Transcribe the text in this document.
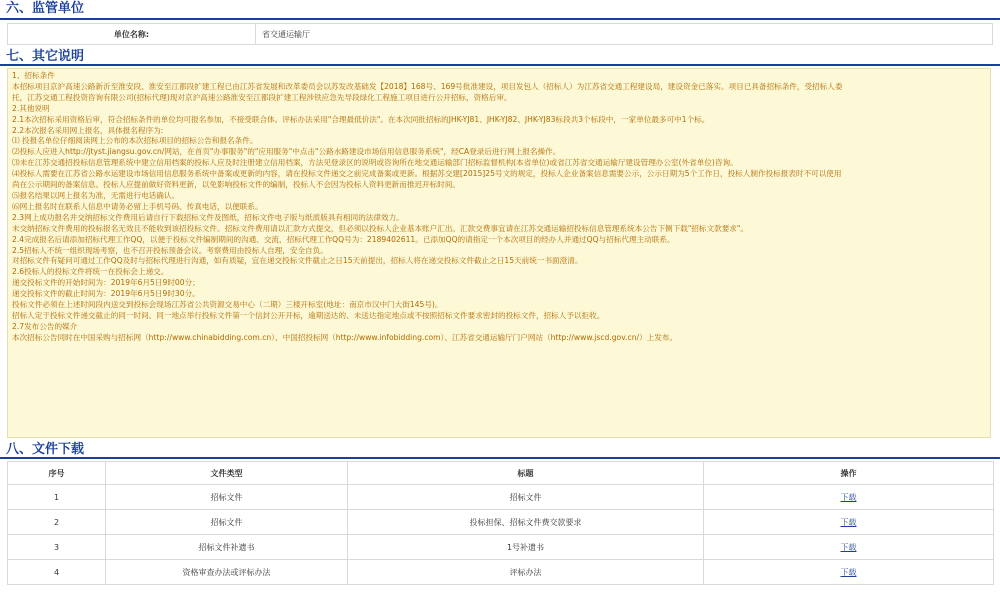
六、监管单位
单位名称:	省交通运输厅
七、其它说明

1、招标条件

本招标项目京沪高速公路新沂至淮安段、淮安至江都段扩建工程已由江苏省发展和改革委员会以苏发改基础发【2018】168号、169号批准建设，项目发包人（招标人）为江苏省交通工程建设局，建设资金已落实。项目已具备招标条件，受招标人委

托，江苏交通工程投资咨询有限公司(招标代理)现对京沪高速公路淮安至江都段扩建工程涉铁应急先导段绿化工程施工项目进行公开招标，资格后审。

2.其他说明

2.1本次招标采用资格后审，符合招标条件的单位均可报名参加，不接受联合体。评标办法采用"合理最低价法"。在本次同批招标的JHK-YJ81、JHK-YJ82、JHK-YJ83标段共3个标段中，一家单位最多可中1个标。

2.2本次报名采用网上报名，具体报名程序为:

⑴ 投报名单位仔细阅读网上公布的本次招标项目的招标公告和报名条件。

⑵投标人应进入http://jtyst.jiangsu.gov.cn/网站，在首页"办事服务"的"应用服务"中点击"公路水路建设市场信用信息服务系统"，经CA登录后进行网上报名操作。

⑶未在江苏交通招投标信息管理系统中建立信用档案的投标人应及时注册建立信用档案，方法见登录区的说明或咨询所在地交通运输部门招标监督机构(本省单位)或省江苏省交通运输厅建设管理办公室(外省单位)咨询。

⑷投标人需要在江苏省公路水运建设市场信用信息服务系统中备案或更新的内容，请在投标文件递交之前完成备案或更新。根据苏交建[2015]25号文的规定，投标人企业备案信息需要公示，公示日期为5个工作日，投标人制作投标报表时不可以使用

尚在公示期间的备案信息。投标人应提前做好资料更新，以免影响投标文件的编制，投标人不会因为投标人资料更新而推迟开标时间。

⑸报名结果以网上报名为准，无需进行电话确认。

⑹网上报名时在联系人信息中请务必留上手机号码、传真电话，以便联系。

2.3网上成功报名并交纳招标文件费用后请自行下载招标文件及图纸，招标文件电子版与纸质版具有相同的法律效力。

未交纳招标文件费用的投标报名无效且不能收到该招投标文件。招标文件费用请以汇款方式提交，但必须以投标人企业基本账户汇出。汇款交费事宜请在江苏交通运输招投标信息管理系统本公告下侧下载"招标文款要求"。

2.4完成报名后请添加招标代理工作QQ，以便于投标文件编制期间的沟通、交流，招标代理工作QQ号为：2189402611。已添加QQ的请指定一个本次项目的经办人并通过QQ与招标代理主动联系。

2.5招标人不统一组织现场考察，也不召开投标预备会议。考察费用由投标人自理，安全自负。

对招标文件有疑问可通过工作QQ及时与招标代理进行沟通，如有质疑，宜在递交投标文件截止之日15天前提出，招标人将在递交投标文件截止之日15天前统一书面澄清。

2.6投标人的投标文件将统一在投标会上递交。

递交投标文件的开始时间为：2019年6月5日9时00分；

递交投标文件的截止时间为：2019年6月5日9时30分。

投标文件必须在上述时间段内送交到投标会现场江苏省公共资源交易中心（二期）三楼开标室(地址：南京市汉中门大街145号)。

招标人定于投标文件递交截止的同一时间、同一地点举行投标文件第一个信封公开开标，逾期送达的、未送达指定地点或不按照招标文件要求密封的投标文件，招标人予以拒收。

2.7发布公告的媒介

本次招标公告同时在中国采购与招标网（http://www.chinabidding.com.cn）、中国招投标网（http://www.infobidding.com）、江苏省交通运输厅门户网站（http://www.jscd.gov.cn/）上发布。

八、文件下载
序号	文件类型	标题	操作
1	招标文件	招标文件	下载
2	招标文件	投标担保、招标文件费交款要求	下载
3	招标文件补遗书	1号补遗书	下载
4	资格审查办法或评标办法	评标办法	下载
